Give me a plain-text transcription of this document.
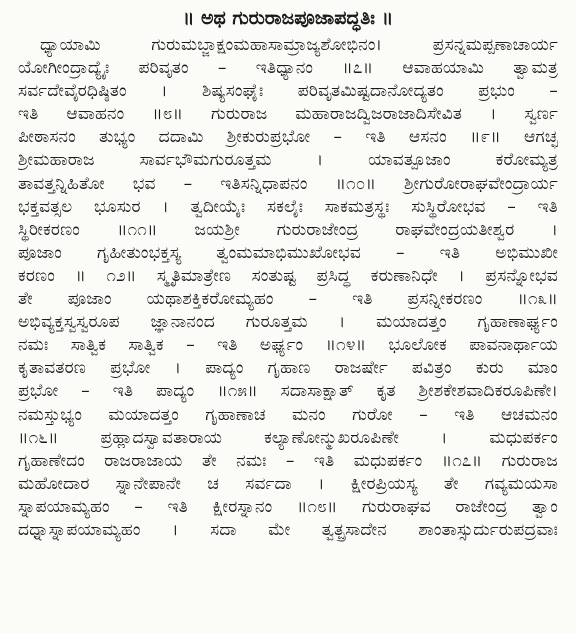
॥ ಅಥ ಗುರುರಾಜಪೂಜಾಪದ್ಧತಿಃ ॥
ಧ್ಯಾಯಾಮಿ ಗುರುಮಬ್ಜಾಕ್ಷಂಮಹಾಸಾಮ್ರಾಜ್ಯಶೋಭಿನಂ। ಪ್ರಸನ್ನಮಪ್ಪಣಾಚಾರ್ಯ
ಯೋಗೀಂದ್ರಾದ್ಯೈಃ ಪರಿವೃತಂ – ಇತಿಧ್ಯಾನಂ ॥೭॥ ಆವಾಹಯಾಮಿ ತ್ವಾಮತ್ರ
ಸರ್ವದೇವೈರಧಿಷ್ಠಿತಂ । ಶಿಷ್ಯಸಂಘೈಃ ಪರಿವೃತಮಿಷ್ಟದಾನೋದ್ಯತಂ ಪ್ರಭುಂ –
ಇತಿ ಆವಾಹನಂ ॥೮॥ ಗುರುರಾಜ ಮಹಾರಾಜದ್ವಿಜರಾಜಾದಿಸೇವಿತ । ಸ್ವರ್ಣ
ಪೀಠಾಸನಂ ತುಭ್ಯಂ ದದಾಮಿ ಶ್ರೀಕುರುಪ್ರಭೋ – ಇತಿ ಆಸನಂ ॥೯॥ ಆಗಚ್ಛ
ಶ್ರೀಮಹಾರಾಜ ಸಾರ್ವಭೌಮಗುರೂತ್ತಮ । ಯಾವತ್ಪೂಜಾಂ ಕರೋಮ್ಯತ್ರ
ತಾವತ್ತನ್ನಿಹಿತೋ ಭವ – ಇತಿಸನ್ನಿಧಾಪನಂ ॥೧೦॥ ಶ್ರೀಗುರೋರಾಘವೇಂದ್ರಾರ್ಯ
ಭಕ್ತವತ್ಸಲ ಭೂಸುರ । ತ್ವದೀಯೈಃ ಸಕಲೈಃ ಸಾಕಮತ್ರಸ್ಥಃ ಸುಸ್ಥಿರೋಭವ – ಇತಿ
ಸ್ಥಿರೀಕರಣಂ ॥೧೧॥ ಜಯಶ್ರೀ ಗುರುರಾಜೇಂದ್ರ ರಾಘವೇಂದ್ರಯತೀಶ್ವರ ।
ಪೂಜಾಂ ಗೃಹೀತುಂಭಕ್ತಸ್ಯ ತ್ವಂಮಮಾಭಿಮುಖೋಭವ – ಇತಿ ಅಭಿಮುಖೀ
ಕರಣಂ ॥ ೧೨॥ ಸ್ಮೃತಿಮಾತ್ರೇಣ ಸಂತುಷ್ಟ ಪ್ರಸಿದ್ಧ ಕರುಣಾನಿಧೇ । ಪ್ರಸನ್ನೋಭವ
ತೇ ಪೂಜಾಂ ಯಥಾಶಕ್ತಿಕರೋಮ್ಯಹಂ – ಇತಿ ಪ್ರಸನ್ನೀಕರಣಂ ॥೧೩॥
ಅಭಿವ್ಯಕ್ತಸ್ವಸ್ವರೂಪ ಜ್ಞಾನಾನಂದ ಗುರೂತ್ತಮ । ಮಯಾದತ್ತಂ ಗೃಹಾಣಾರ್ಘ್ಯಂ
ನಮಃ ಸಾತ್ವಿಕ ಸಾತ್ವಿಕ – ಇತಿ ಅರ್ಘ್ಯಂ ॥೧೪॥ ಭೂಲೋಕ ಪಾವನಾರ್ಥಾಯ
ಕೃತಾವತರಣ ಪ್ರಭೋ । ಪಾದ್ಯಂ ಗೃಹಾಣ ರಾಜರ್ಷೇ ಪವಿತ್ರಂ ಕುರು ಮಾಂ
ಪ್ರಭೋ – ಇತಿ ಪಾದ್ಯಂ ॥೧೫॥ ಸದಾಸಾಕ್ಷಾತ್ ಕೃತ ಶ್ರೀಶಕೇಶವಾದಿಕರೂಪಿಣೇ।
ನಮಸ್ತುಭ್ಯಂ ಮಯಾದತ್ತಂ ಗೃಹಾಣಾಚ ಮನಂ ಗುರೋ – ಇತಿ ಆಚಮನಂ
॥೧೬॥ ಪ್ರಹ್ಲಾದಸ್ವಾವತಾರಾಯ ಕಲ್ಯಾಣೋನ್ಮುಖರೂಪಿಣೇ । ಮಧುಪರ್ಕಂ
ಗೃಹಾಣೇದಂ ರಾಜರಾಜಾಯ ತೇ ನಮಃ – ಇತಿ ಮಧುಪರ್ಕಂ ॥೧೭॥ ಗುರುರಾಜ
ಮಹೋದಾರ ಸ್ನಾನೇಪಾನೇ ಚ ಸರ್ವದಾ । ಕ್ಷೀರಪ್ರಿಯಸ್ಯ ತೇ ಗವ್ಯಮಯಸಾ
ಸ್ನಾಪಯಾಮ್ಯಹಂ – ಇತಿ ಕ್ಷೀರಸ್ನಾನಂ ॥೧೮॥ ಗುರುರಾಘವ ರಾಜೇಂದ್ರ ತ್ವಾಂ
ದಧ್ನಾಸ್ನಾಪಯಾಮ್ಯಹಂ । ಸದಾ ಮೇ ತ್ವತ್ಪ್ರಸಾದೇನ ಶಾಂತಾಸ್ಸುರ್ದುರುಪದ್ರವಾಃ
